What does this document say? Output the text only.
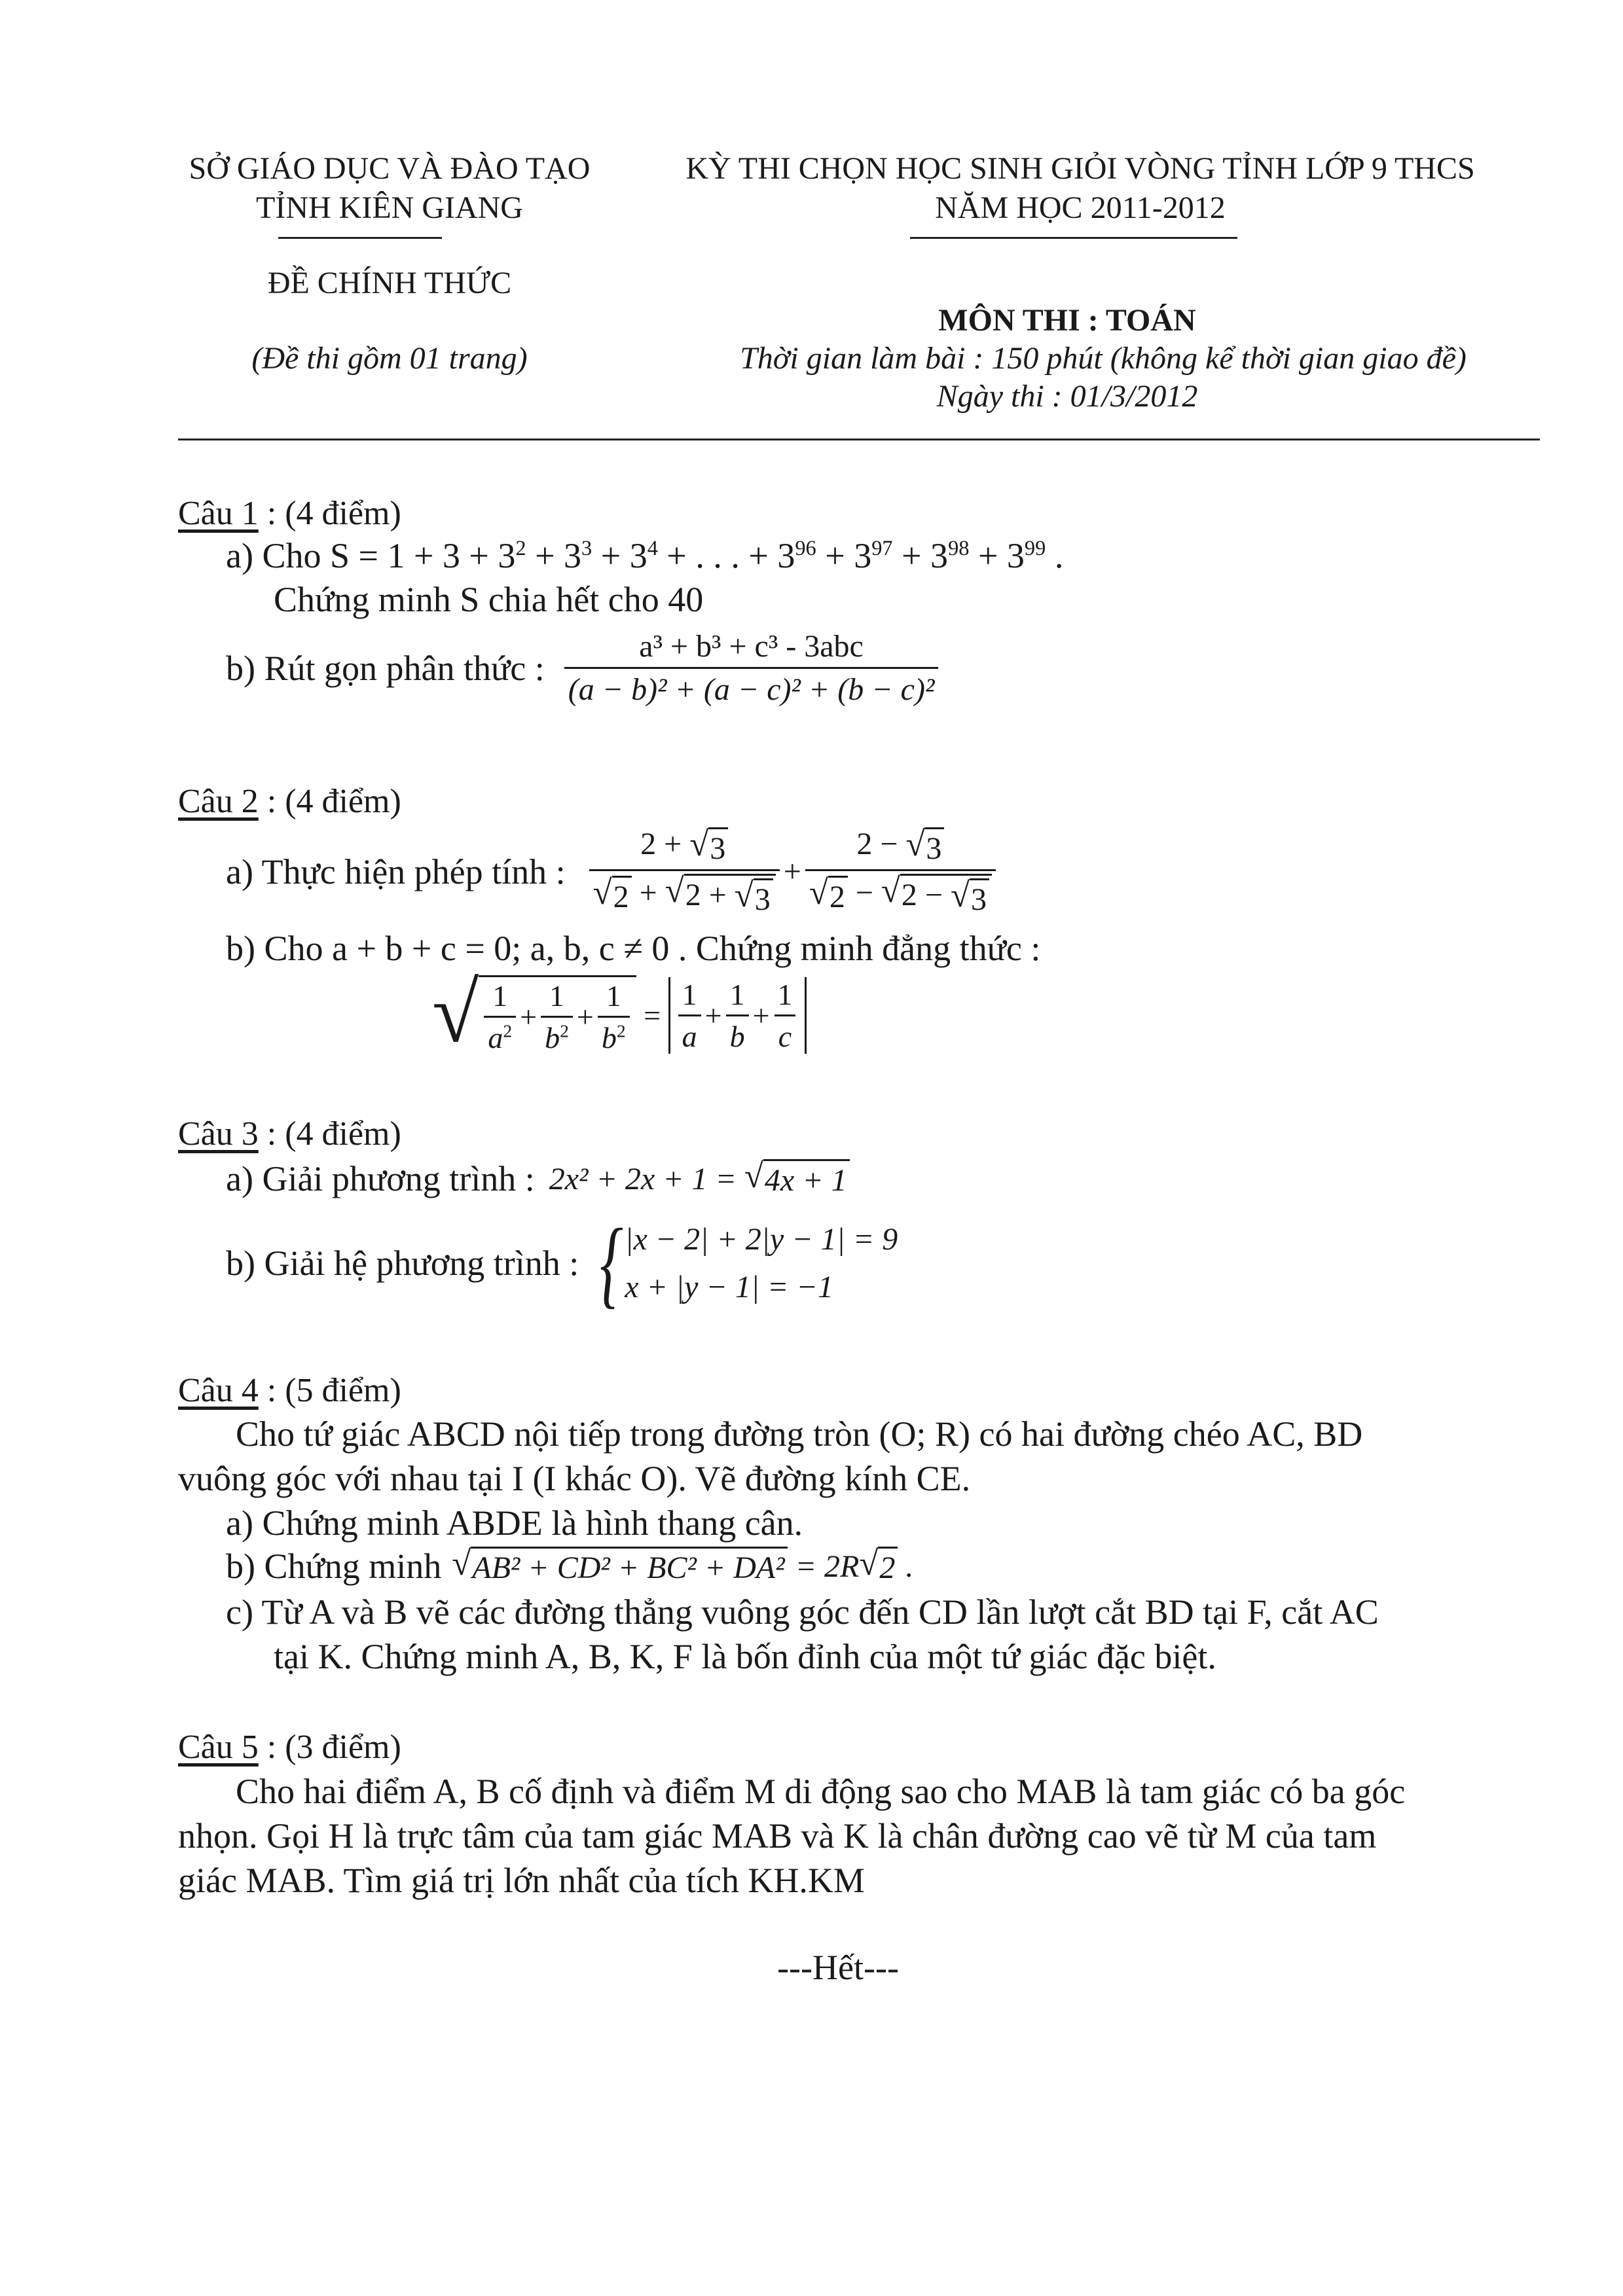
SỞ GIÁO DỤC VÀ ĐÀO TẠO
TỈNH KIÊN GIANG
ĐỀ CHÍNH THỨC
(Đề thi gồm 01 trang)
KỲ THI CHỌN HỌC SINH GIỎI VÒNG TỈNH LỚP 9 THCS
NĂM HỌC 2011-2012
MÔN THI : TOÁN
Thời gian làm bài : 150 phút (không kể thời gian giao đề)
Ngày thi : 01/3/2012
Câu 1 : (4 điểm)
a) Cho $S = 1 + 3 + 3^2 + 3^3 + 3^4$ + . . . + $3^{96} + 3^{97} + 3^{98} + 3^{99}$ .
Chứng minh S chia hết cho 40
b) Rút gọn phân thức : $\frac{\text{a³ + b³ + c³ - 3abc}}{\text{(a − b)² + (a − c)² + (b − c)²}}$
Câu 2 : (4 điểm)
a) Thực hiện phép tính : $\frac{2 + √ 3}{√ 2 + √ 2 + √ 3} + \frac{2 - √ 3}{√ 2 - √ 2 - √ 3}$
b) Cho a + b + c = 0; a, b, c ≠ 0 . Chứng minh đẳng thức :
√ $\frac{1}{a^2} + \frac{1}{b^2} + \frac{1}{b^2} = \frac{1}{a} + \frac{1}{b} + \frac{1}{c}$
Câu 3 : (4 điểm)
a) Giải phương trình : 2x² + 2x + 1 =
√ 4x + 1
b) Giải hệ phương trình : { |x − 2| + 2|y − 1| = 9
x + |y − 1| = −1
Câu 4 : (5 điểm)
Cho tứ giác ABCD nội tiếp trong đường tròn (O; R) có hai đường chéo AC, BD
vuông góc với nhau tại I (I khác O). Vẽ đường kính CE.
a) Chứng minh ABDE là hình thang cân.
b) Chứng minh √ AB² + CD² + BC² + DA²
= 2R √ 2 .
c) Từ A và B vẽ các đường thẳng vuông góc đến CD lần lượt cắt BD tại F, cắt AC
tại K. Chứng minh A, B, K, F là bốn đỉnh của một tứ giác đặc biệt.
Câu 5 : (3 điểm)
Cho hai điểm A, B cố định và điểm M di động sao cho MAB là tam giác có ba góc
nhọn. Gọi H là trực tâm của tam giác MAB và K là chân đường cao vẽ từ M của tam
giác MAB. Tìm giá trị lớn nhất của tích KH.KM
---Hết---
